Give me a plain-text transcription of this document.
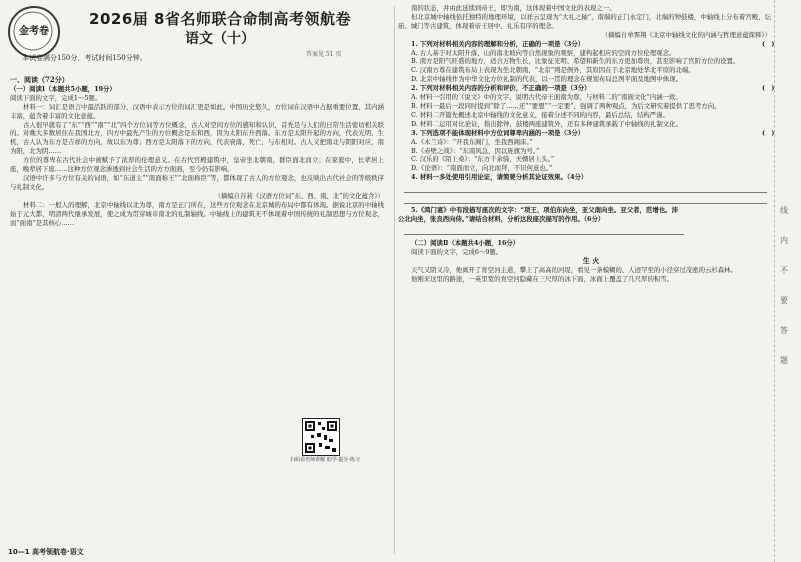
金考卷
2026届 8省名师联合命制高考领航卷
语文（十）
本试卷满分150分，考试时间150分钟。	答案见 51 页

一、阅读（72分）

（一）阅读Ⅰ（本题共5小题，19分）

阅读下面的文字，完成1～5题。

材料一：词汇是语言中最活跃的部分，汉语中表示方位的词汇更是如此。中国历史悠久，方位词在汉语中占据重要位置，其内涵丰富，蕴含着丰富的文化意蕴。

古人很早就有了“东”“西”“南”“北”四个方位词等方位概念，古人对空间方位的感知和认识，首先是与人们的日常生活密切相关联的。对晚大多数居住在我国北方，四方中最先产生的方位概念是东和西，因为太阳东升西落。东方是太阳升起的方向，代表光明、生机，古人认为东方是吉祥的方向，故以东为尊；西方是太阳落下的方向，代表衰落、死亡，与东相对。古人又把南北与阴阳对应，南为阳，北为阴……

方位的尊卑在古代社会中被赋予了浓厚的伦理意义。在古代宫殿建筑中，皇帝坐北朝南，群臣面北而立；在家庭中，长辈居上座，晚辈居下座……这种方位观念渗透到社会生活的方方面面，至今仍有影响。

汉语中许多与方位有关的词语，如“东道主”“南面称王”“北面称臣”等，都体现了古人的方位观念，也反映出古代社会的等级秩序与礼制文化。

（摘编自谷莉《汉语方位词“东、西、南、北”的文化蕴含》）

材料二：一般人的理解，北京中轴线以北为尊，南方是正门所在，这些方位观念在北京城的布局中都有体现。据说北京的中轴线始于元大都，明清两代继承发展，使之成为贯穿城市南北的礼制轴线。中轴线上的建筑无不体现着中国传统的礼制思想与方位观念，而“面南”是其核心……

10—1 高考领航卷·语文

南的状态，并由此延续到帝王，即为南，这体现着中国文化的表现之一。

但北京城中轴线依托独特的地理环境，以祥云呈现为“大礼之轴”，南端的正门永定门，北端的钟鼓楼，中轴线上分布着宫殿、坛庙、城门等古建筑，体现着帝王居中、礼乐有序的理念。

（摘编自单霁翔《北京中轴线文化的内涵与哲理意蕴探释》）

1. 下列对材料相关内容的理解和分析，正确的一项是（3分）	(　)

A. 古人基于对太阳升落、山的南北坡向等自然现象的观察，建构起相应的空间方位伦理观念。

B. 南方是阳气旺盛的地方，适合万物生长，比象征光明、希望和新生的东方更加尊贵，甚至影响了官阶方位的设置。

C. 汉南方尊在建筑布局上表现为坐北朝南，“北京”则是例外，其原因在于北京地处华北平原的北端。

D. 北京中轴线作为中华文化方位礼制的代表，以一贯的理念在规划布局总图平面及地图中体现。

2. 下列对材料相关内容的分析和评价，不正确的一项是（3分）	(　)

A. 材料一引用的《说文》中的文字，说明古代帝王面南为尊，与材料二的“南面文化”内涵一致。

B. 材料一最后一段同时提到“除了……还”“要想”“一定要”，强调了两种观点，为后文研究着提供了思考方向。

C. 材料二开篇先概述北京中轴线的文化意义，接着分述不同的内容，最后总结，结构严谨。

D. 材料二运用对比论证，指出除钟、鼓楼两座建筑外，还有多种建筑承载了中轴线的礼制文化。

3. 下列选项不能体现材料中方位词尊卑内涵的一项是（3分）	(　)

A.《木兰诗》：“开我东阁门，坐我西阁床。”

B.《赤壁之战》：“东南风急，因以旌旗为号。”

C. 汉乐府《陌上桑》：“东方千余骑，夫婿居上头。”

D.《论语》：“南面而立，向北而拜，不识何意也。”

4. 材料一多处使用引用论证，请简要分析其论证效果。（4分）

5.《鸿门宴》中有段描写座次的文字：“项王、项伯东向坐，亚父南向坐。亚父者，范增也。沛公北向坐，张良西向侍。”请结合材料，分析这段座次描写的作用。（6分）

（二）阅读Ⅱ（本题共4小题，16分）

阅读下面的文字，完成6～9题。

生 火

天气又阴又冷，他离开了育空河主道，攀上了高高的河堤，看见一条模糊的、人迹罕至的小径穿过茂密的云杉森林。

他刚来这里的路途，一英里宽的育空河隐藏在三尺厚的冰下面，冰面上覆盖了几尺厚的积雪。

扫码看名师讲解 助学·提分·练习
线
内
不
要
答
题
